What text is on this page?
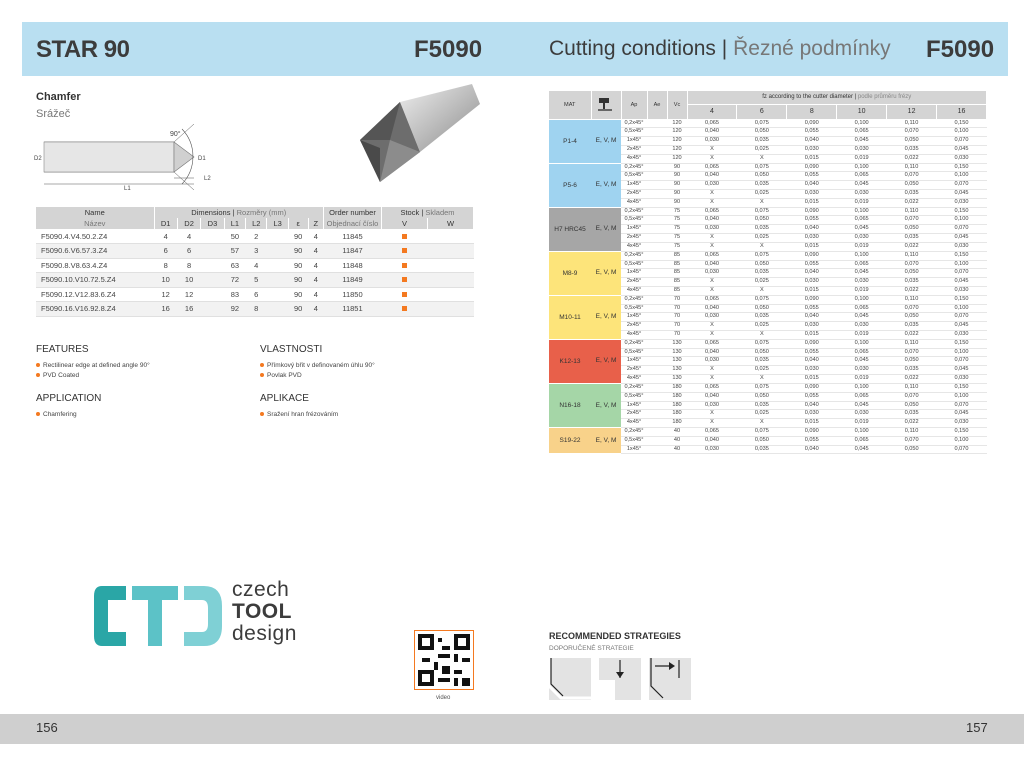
STAR 90	F5090	Cutting conditions | Řezné podmínky F5090
Chamfer
Srážeč
90°
D2	D1
L2
L1
Name	Dimensions | Rozměry (mm)								Order number	Stock | Skladem	
Název	D1	D2	D3	L1	L2	L3	ε	Z	Objednací číslo	V	W
F5090.4.V4.50.2.Z4	4	4		50	2		90	4	11845		
F5090.6.V6.57.3.Z4	6	6		57	3		90	4	11847		
F5090.8.V8.63.4.Z4	8	8		63	4		90	4	11848		
F5090.10.V10.72.5.Z4	10	10		72	5		90	4	11849		
F5090.12.V12.83.6.Z4	12	12		83	6		90	4	11850		
F5090.16.V16.92.8.Z4	16	16		92	8		90	4	11851		
FEATURES
Rectilinear edge at defined angle 90°
PVD Coated
VLASTNOSTI
Přímkový břit v definovaném úhlu 90°
Povlak PVD
APPLICATION
Chamfering
APLIKACE
Sražení hran frézováním
MAT		Ap	Ae	Vc	fz according to the cutter diameter | podle průměru frézy					
					4	6	8	10	12	16
P1-4	E, V, M	0,2x45°		120	0,065	0,075	0,090	0,100	0,110	0,150
		0,5x45°		120	0,040	0,050	0,055	0,065	0,070	0,100
		1x45°		120	0,030	0,035	0,040	0,045	0,050	0,070
		2x45°		120	X	0,025	0,030	0,030	0,035	0,045
		4x45°		120	X	X	0,015	0,019	0,022	0,030
P5-6	E, V, M	0,2x45°		90	0,065	0,075	0,090	0,100	0,110	0,150
		0,5x45°		90	0,040	0,050	0,055	0,065	0,070	0,100
		1x45°		90	0,030	0,035	0,040	0,045	0,050	0,070
		2x45°		90	X	0,025	0,030	0,030	0,035	0,045
		4x45°		90	X	X	0,015	0,019	0,022	0,030
H7 HRC45	E, V, M	0,2x45°		75	0,065	0,075	0,090	0,100	0,110	0,150
		0,5x45°		75	0,040	0,050	0,055	0,065	0,070	0,100
		1x45°		75	0,030	0,035	0,040	0,045	0,050	0,070
		2x45°		75	X	0,025	0,030	0,030	0,035	0,045
		4x45°		75	X	X	0,015	0,019	0,022	0,030
M8-9	E, V, M	0,2x45°		85	0,065	0,075	0,090	0,100	0,110	0,150
		0,5x45°		85	0,040	0,050	0,055	0,065	0,070	0,100
		1x45°		85	0,030	0,035	0,040	0,045	0,050	0,070
		2x45°		85	X	0,025	0,030	0,030	0,035	0,045
		4x45°		85	X	X	0,015	0,019	0,022	0,030
M10-11	E, V, M	0,2x45°		70	0,065	0,075	0,090	0,100	0,110	0,150
		0,5x45°		70	0,040	0,050	0,055	0,065	0,070	0,100
		1x45°		70	0,030	0,035	0,040	0,045	0,050	0,070
		2x45°		70	X	0,025	0,030	0,030	0,035	0,045
		4x45°		70	X	X	0,015	0,019	0,022	0,030
K12-13	E, V, M	0,2x45°		130	0,065	0,075	0,090	0,100	0,110	0,150
		0,5x45°		130	0,040	0,050	0,055	0,065	0,070	0,100
		1x45°		130	0,030	0,035	0,040	0,045	0,050	0,070
		2x45°		130	X	0,025	0,030	0,030	0,035	0,045
		4x45°		130	X	X	0,015	0,019	0,022	0,030
N16-18	E, V, M	0,2x45°		180	0,065	0,075	0,090	0,100	0,110	0,150
		0,5x45°		180	0,040	0,050	0,055	0,065	0,070	0,100
		1x45°		180	0,030	0,035	0,040	0,045	0,050	0,070
		2x45°		180	X	0,025	0,030	0,030	0,035	0,045
		4x45°		180	X	X	0,015	0,019	0,022	0,030
S19-22	E, V, M	0,2x45°		40	0,065	0,075	0,090	0,100	0,110	0,150
		0,5x45°		40	0,040	0,050	0,055	0,065	0,070	0,100
		1x45°		40	0,030	0,035	0,040	0,045	0,050	0,070
czech
TOOL
design
video
RECOMMENDED STRATEGIES
DOPORUČENÉ STRATEGIE
156	157
